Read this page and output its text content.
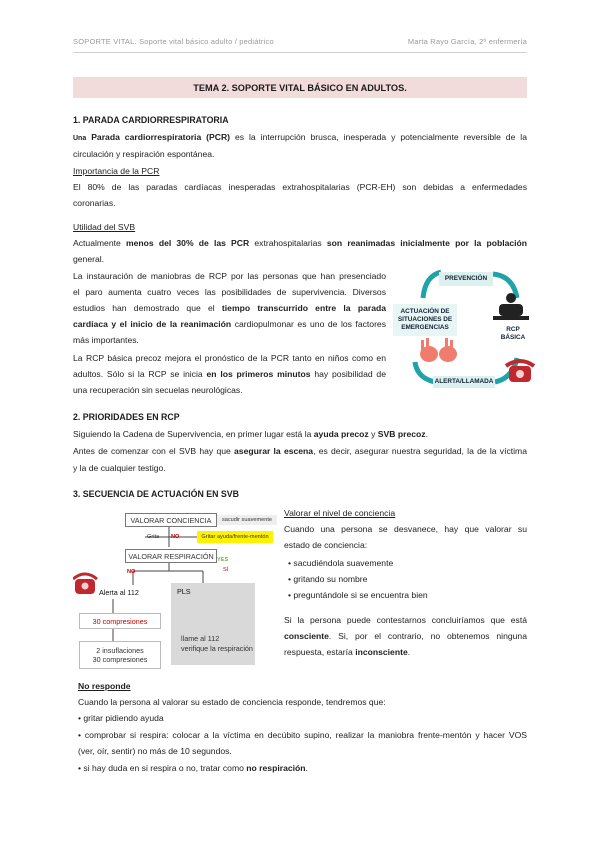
SOPORTE VITAL. Soporte vital básico adulto / pediátrico	Marta Rayo García, 2º enfermería
TEMA 2. SOPORTE VITAL BÁSICO EN ADULTOS.
1. PARADA CARDIORRESPIRATORIA
Una Parada cardiorrespiratoria (PCR) es la interrupción brusca, inesperada y potencialmente reversible de la
circulación y respiración espontánea.
Importancia de la PCR
El 80% de las paradas cardíacas inesperadas extrahospitalarias (PCR-EH) son debidas a enfermedades
coronarias.
Utilidad del SVB
Actualmente menos del 30% de las PCR extrahospitalarias son reanimadas inicialmente por la población
general.
La instauración de maniobras de RCP por las personas que han presenciado
el paro aumenta cuatro veces las posibilidades de supervivencia. Diversos
estudios han demostrado que el tiempo transcurrido entre la parada
cardíaca y el inicio de la reanimación cardiopulmonar es uno de los factores
más importantes.
La RCP básica precoz mejora el pronóstico de la PCR tanto en niños como en
adultos. Sólo si la RCP se inicia en los primeros minutos hay posibilidad de
una recuperación sin secuelas neurológicas.
PREVENCIÓN
ACTUACIÓN DE SITUACIONES DE EMERGENCIAS	RCP BÁSICA
ALERTA/LLAMADA
2. PRIORIDADES EN RCP
Siguiendo la Cadena de Supervivencia, en primer lugar está la ayuda precoz y SVB precoz.
Antes de comenzar con el SVB hay que asegurar la escena, es decir, asegurar nuestra seguridad, la de la víctima
y la de cualquier testigo.
3. SECUENCIA DE ACTUACIÓN EN SVB
VALORAR CONCIENCIA	sacudir suavemente
Grita	NO	Gritar ayuda/frente-mentón
VALORAR RESPIRACIÓN YES
SÍ
NO
Alerta al 112	PLS
llame al 112
verifique la respiración
30 compresiones
2 insuflaciones
30 compresiones
Valorar el nivel de conciencia
Cuando una persona se desvanece, hay que valorar su
estado de conciencia:
• sacudiéndola suavemente
• gritando su nombre
• preguntándole si se encuentra bien
Si la persona puede contestarnos concluiríamos que está
consciente. Si, por el contrario, no obtenemos ninguna
respuesta, estaría inconsciente.
No responde
Cuando la persona al valorar su estado de conciencia responde, tendremos que:
• gritar pidiendo ayuda
• comprobar si respira: colocar a la víctima en decúbito supino, realizar la maniobra frente-mentón y hacer VOS
(ver, oír, sentir) no más de 10 segundos.
• si hay duda en si respira o no, tratar como no respiración.
